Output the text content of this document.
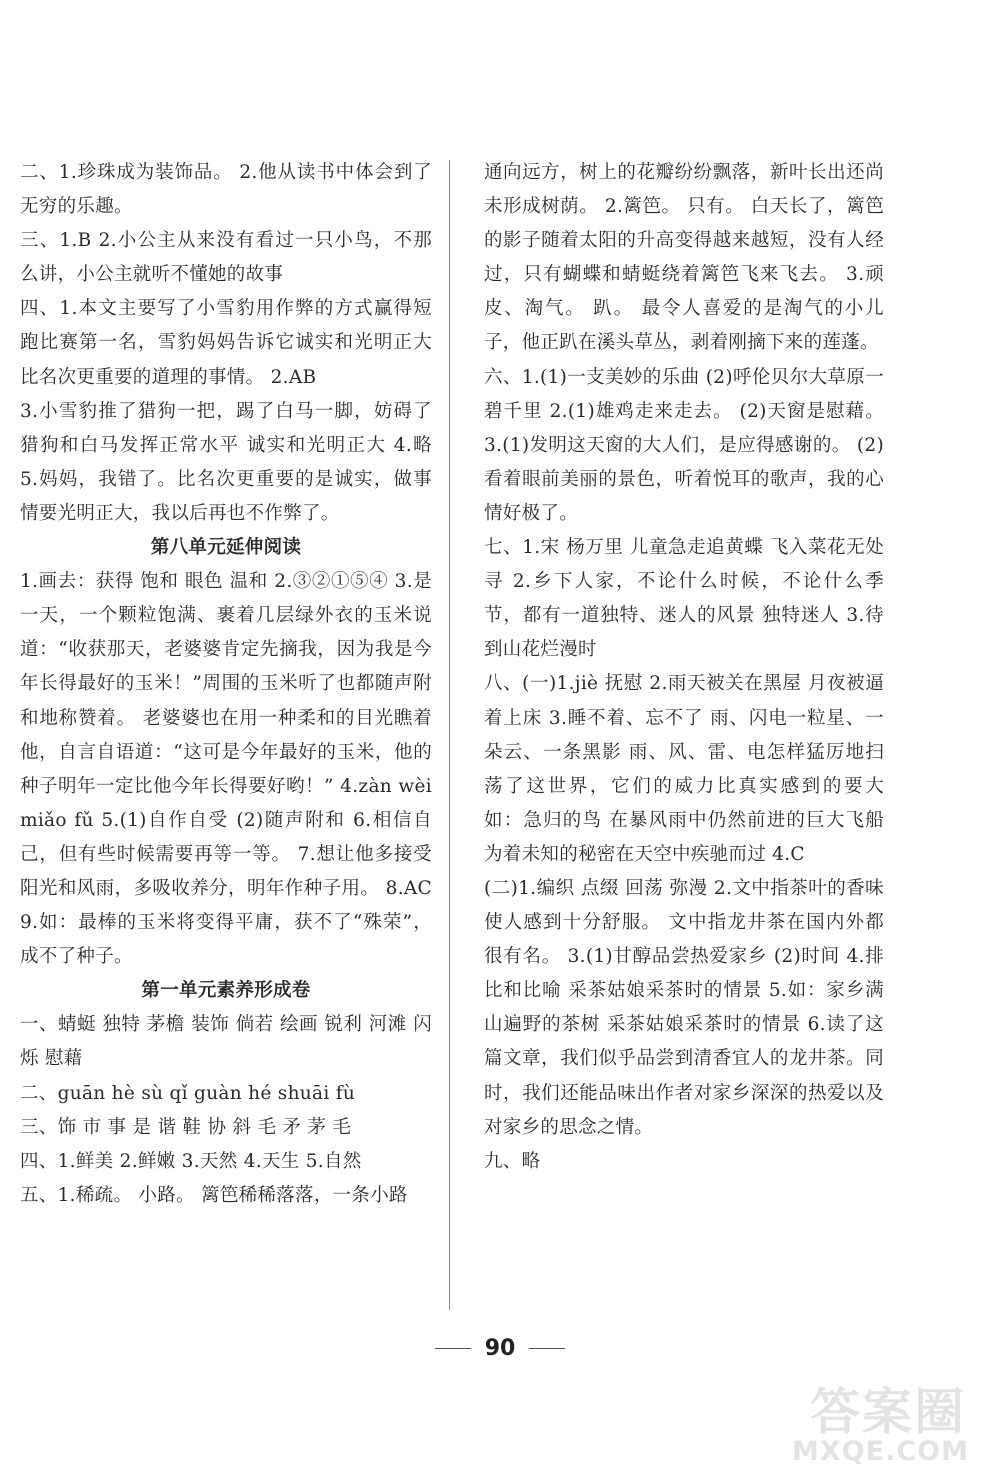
二、1.珍珠成为装饰品。 2.他从读书中体会到了无穷的乐趣。

三、1.B 2.小公主从来没有看过一只小鸟，不那么讲，小公主就听不懂她的故事

四、1.本文主要写了小雪豹用作弊的方式赢得短跑比赛第一名，雪豹妈妈告诉它诚实和光明正大比名次更重要的道理的事情。 2.AB

3.小雪豹推了猎狗一把，踢了白马一脚，妨碍了猎狗和白马发挥正常水平 诚实和光明正大 4.略 5.妈妈，我错了。比名次更重要的是诚实，做事情要光明正大，我以后再也不作弊了。

第八单元延伸阅读

1.画去：获得 饱和 眼色 温和 2.③②①⑤④ 3.是 一天，一个颗粒饱满、裹着几层绿外衣的玉米说道：“收获那天，老婆婆肯定先摘我，因为我是今年长得最好的玉米！”周围的玉米听了也都随声附和地称赞着。 老婆婆也在用一种柔和的目光瞧着他，自言自语道：“这可是今年最好的玉米，他的种子明年一定比他今年长得要好哟！” 4.zàn wèi miǎo fǔ 5.(1)自作自受 (2)随声附和 6.相信自己，但有些时候需要再等一等。 7.想让他多接受阳光和风雨，多吸收养分，明年作种子用。 8.AC 9.如：最棒的玉米将变得平庸，获不了“殊荣”，成不了种子。

第一单元素养形成卷

一、蜻蜓 独特 茅檐 装饰 倘若 绘画 锐利 河滩 闪烁 慰藉

二、guān hè sù qǐ guàn hé shuāi fù

三、饰 市 事 是 谐 鞋 协 斜 毛 矛 茅 毛

四、1.鲜美 2.鲜嫩 3.天然 4.天生 5.自然

五、1.稀疏。 小路。 篱笆稀稀落落，一条小路

通向远方，树上的花瓣纷纷飘落，新叶长出还尚未形成树荫。 2.篱笆。 只有。 白天长了，篱笆的影子随着太阳的升高变得越来越短，没有人经过，只有蝴蝶和蜻蜓绕着篱笆飞来飞去。 3.顽皮、淘气。 趴。 最令人喜爱的是淘气的小儿子，他正趴在溪头草丛，剥着刚摘下来的莲蓬。

六、1.(1)一支美妙的乐曲 (2)呼伦贝尔大草原一碧千里 2.(1)雄鸡走来走去。 (2)天窗是慰藉。 3.(1)发明这天窗的大人们，是应得感谢的。 (2)看着眼前美丽的景色，听着悦耳的歌声，我的心情好极了。

七、1.宋 杨万里 儿童急走追黄蝶 飞入菜花无处寻 2.乡下人家，不论什么时候，不论什么季节，都有一道独特、迷人的风景 独特迷人 3.待到山花烂漫时

八、(一)1.jiè 抚慰 2.雨天被关在黑屋 月夜被逼着上床 3.睡不着、忘不了 雨、闪电一粒星、一朵云、一条黑影 雨、风、雷、电怎样猛厉地扫荡了这世界，它们的威力比真实感到的要大 如：急归的鸟 在暴风雨中仍然前进的巨大飞船 为着未知的秘密在天空中疾驰而过 4.C

(二)1.编织 点缀 回荡 弥漫 2.文中指茶叶的香味使人感到十分舒服。 文中指龙井茶在国内外都很有名。 3.(1)甘醇品尝热爱家乡 (2)时间 4.排比和比喻 采茶姑娘采茶时的情景 5.如：家乡满山遍野的茶树 采茶姑娘采茶时的情景 6.读了这篇文章，我们似乎品尝到清香宜人的龙井茶。同时，我们还能品味出作者对家乡深深的热爱以及对家乡的思念之情。

九、略

90
答案圈
MXQE.COM
